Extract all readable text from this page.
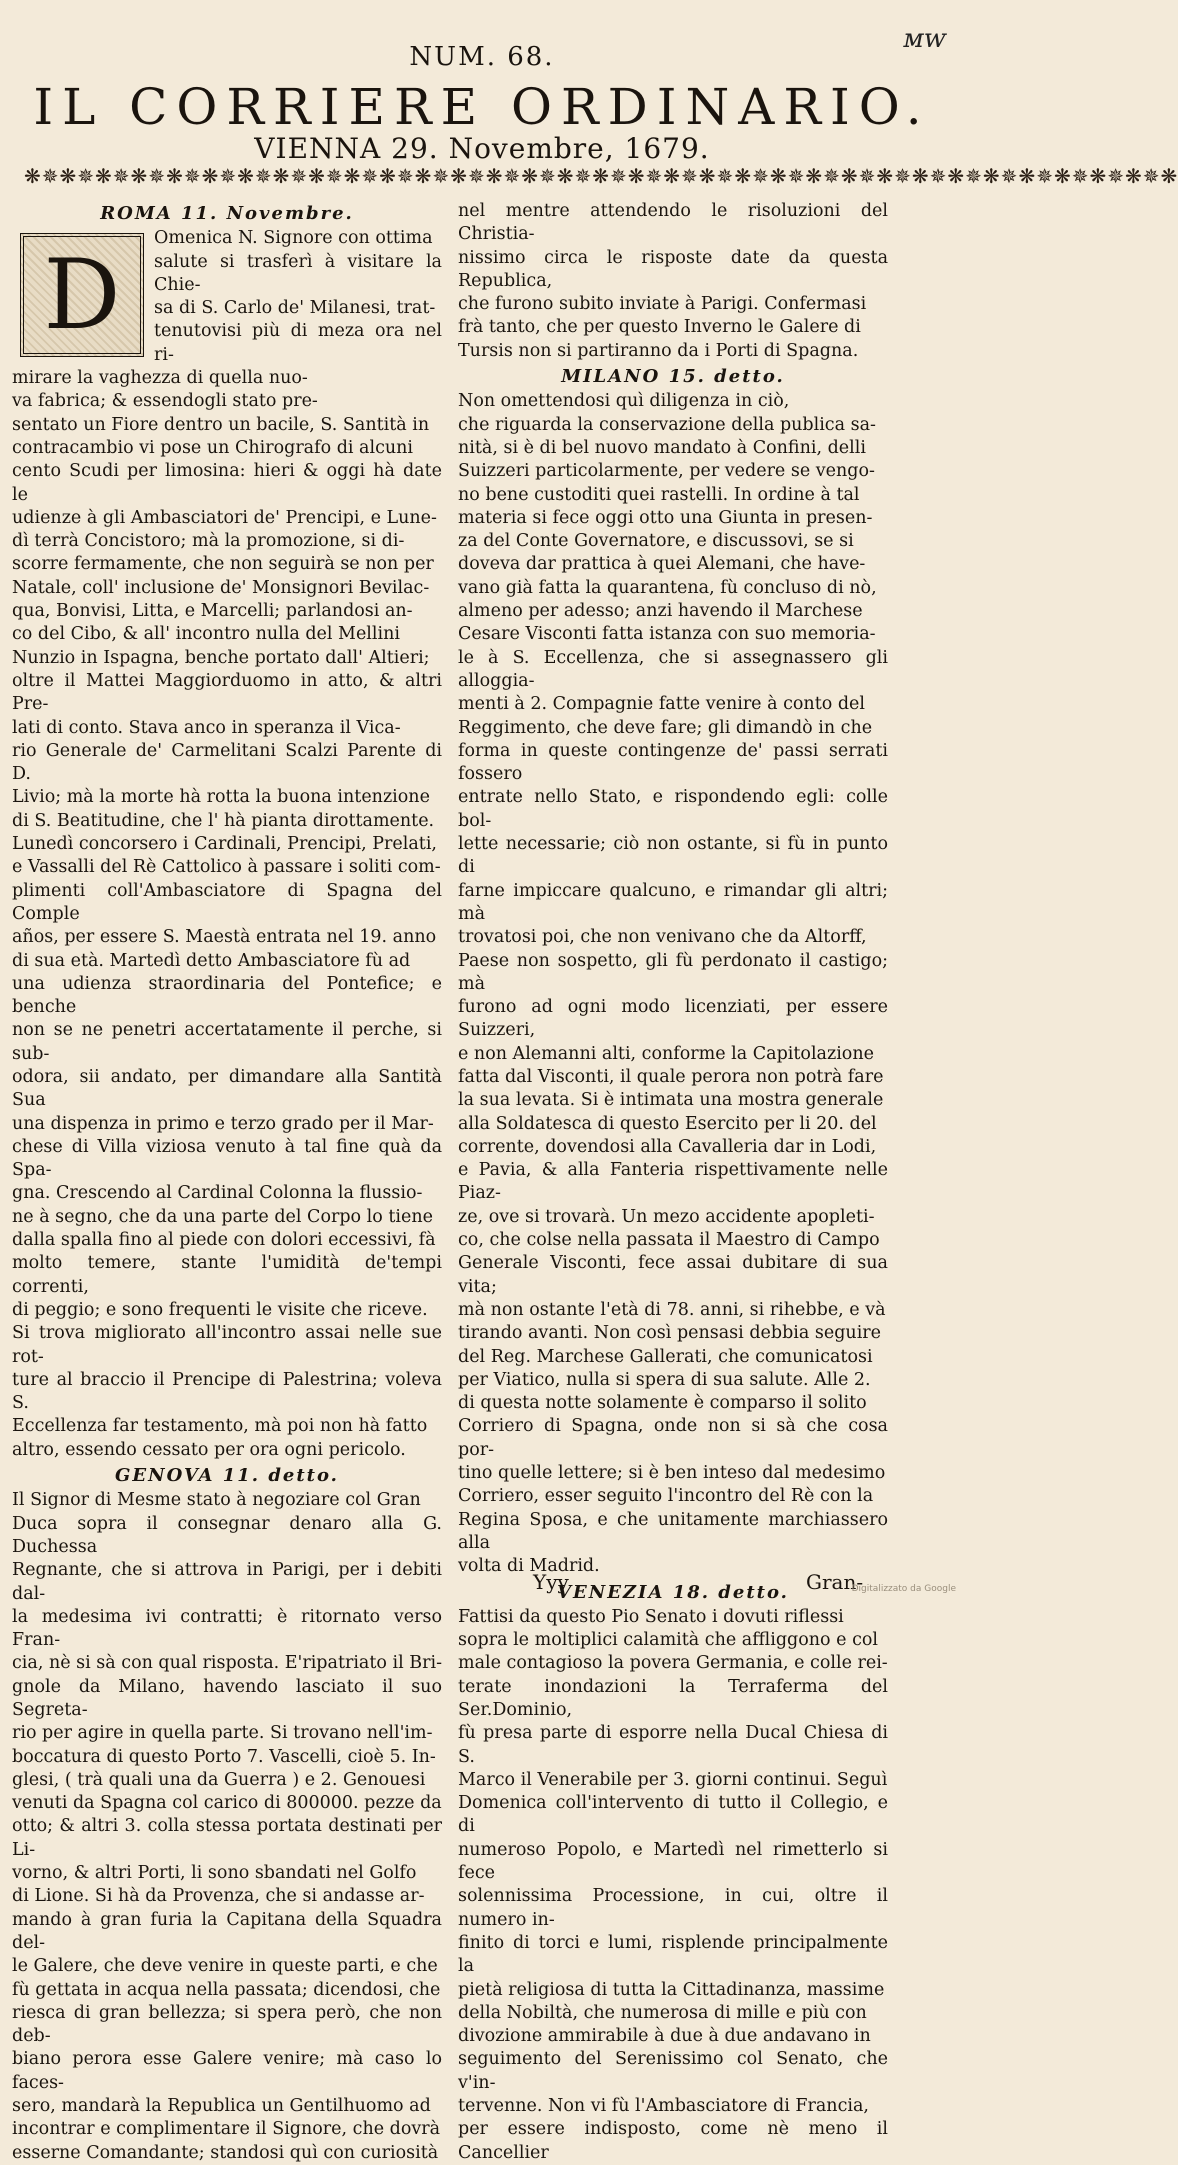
NUM. 68.
ᴍᴡ
IL CORRIERE ORDINARIO.
VIENNA 29. Novembre, 1679.
❋✵❋✵❋✵❋✵❋✵❋✵❋✵❋✵❋✵❋✵❋✵❋✵❋✵❋✵❋✵❋✵❋✵❋✵❋✵❋✵❋✵❋✵❋✵❋✵❋✵❋✵❋✵❋✵❋✵❋✵❋✵❋✵❋

ROMA 11. Novembre.

D

Omenica N. Signore con ottima
salute si trasferì à visitare la Chie-
sa di S. Carlo de' Milanesi, trat-
tenutovisi più di meza ora nel ri-
mirare la vaghezza di quella nuo-
va fabrica; & essendogli stato pre-
sentato un Fiore dentro un bacile, S. Santità in
contracambio vi pose un Chirografo di alcuni
cento Scudi per limosina: hieri & oggi hà date le
udienze à gli Ambasciatori de' Prencipi, e Lune-
dì terrà Concistoro; mà la promozione, si di-
scorre fermamente, che non seguirà se non per
Natale, coll' inclusione de' Monsignori Bevilac-
qua, Bonvisi, Litta, e Marcelli; parlandosi an-
co del Cibo, & all' incontro nulla del Mellini
Nunzio in Ispagna, benche portato dall' Altieri;
oltre il Mattei Maggiorduomo in atto, & altri Pre-
lati di conto. Stava anco in speranza il Vica-
rio Generale de' Carmelitani Scalzi Parente di D.
Livio; mà la morte hà rotta la buona intenzione
di S. Beatitudine, che l' hà pianta dirottamente.
Lunedì concorsero i Cardinali, Prencipi, Prelati,
e Vassalli del Rè Cattolico à passare i soliti com-
plimenti coll'Ambasciatore di Spagna del Comple
años, per essere S. Maestà entrata nel 19. anno
di sua età. Martedì detto Ambasciatore fù ad
una udienza straordinaria del Pontefice; e benche
non se ne penetri accertatamente il perche, si sub-
odora, sii andato, per dimandare alla Santità Sua
una dispenza in primo e terzo grado per il Mar-
chese di Villa viziosa venuto à tal fine quà da Spa-
gna. Crescendo al Cardinal Colonna la flussio-
ne à segno, che da una parte del Corpo lo tiene
dalla spalla fino al piede con dolori eccessivi, fà
molto temere, stante l'umidità de'tempi correnti,
di peggio; e sono frequenti le visite che riceve.
Si trova migliorato all'incontro assai nelle sue rot-
ture al braccio il Prencipe di Palestrina; voleva S.
Eccellenza far testamento, mà poi non hà fatto
altro, essendo cessato per ora ogni pericolo.

GENOVA 11. detto.

Il Signor di Mesme stato à negoziare col Gran
Duca sopra il consegnar denaro alla G. Duchessa
Regnante, che si attrova in Parigi, per i debiti dal-
la medesima ivi contratti; è ritornato verso Fran-
cia, nè si sà con qual risposta. E'ripatriato il Bri-
gnole da Milano, havendo lasciato il suo Segreta-
rio per agire in quella parte. Si trovano nell'im-
boccatura di questo Porto 7. Vascelli, cioè 5. In-
glesi, ( trà quali una da Guerra ) e 2. Genouesi
venuti da Spagna col carico di 800000. pezze da
otto; & altri 3. colla stessa portata destinati per Li-
vorno, & altri Porti, li sono sbandati nel Golfo
di Lione. Si hà da Provenza, che si andasse ar-
mando à gran furia la Capitana della Squadra del-
le Galere, che deve venire in queste parti, e che
fù gettata in acqua nella passata; dicendosi, che
riesca di gran bellezza; si spera però, che non deb-
biano perora esse Galere venire; mà caso lo faces-
sero, mandarà la Republica un Gentilhuomo ad
incontrar e complimentare il Signore, che dovrà
esserne Comandante; standosi quì con curiosità

nel mentre attendendo le risoluzioni del Christia-
nissimo circa le risposte date da questa Republica,
che furono subito inviate à Parigi. Confermasi
frà tanto, che per questo Inverno le Galere di
Tursis non si partiranno da i Porti di Spagna.

MILANO 15. detto.

Non omettendosi quì diligenza in ciò,
che riguarda la conservazione della publica sa-
nità, si è di bel nuovo mandato à Confini, delli
Suizzeri particolarmente, per vedere se vengo-
no bene custoditi quei rastelli. In ordine à tal
materia si fece oggi otto una Giunta in presen-
za del Conte Governatore, e discussovi, se si
doveva dar prattica à quei Alemani, che have-
vano già fatta la quarantena, fù concluso di nò,
almeno per adesso; anzi havendo il Marchese
Cesare Visconti fatta istanza con suo memoria-
le à S. Eccellenza, che si assegnassero gli alloggia-
menti à 2. Compagnie fatte venire à conto del
Reggimento, che deve fare; gli dimandò in che
forma in queste contingenze de' passi serrati fossero
entrate nello Stato, e rispondendo egli: colle bol-
lette necessarie; ciò non ostante, si fù in punto di
farne impiccare qualcuno, e rimandar gli altri; mà
trovatosi poi, che non venivano che da Altorff,
Paese non sospetto, gli fù perdonato il castigo; mà
furono ad ogni modo licenziati, per essere Suizzeri,
e non Alemanni alti, conforme la Capitolazione
fatta dal Visconti, il quale perora non potrà fare
la sua levata. Si è intimata una mostra generale
alla Soldatesca di questo Esercito per li 20. del
corrente, dovendosi alla Cavalleria dar in Lodi,
e Pavia, & alla Fanteria rispettivamente nelle Piaz-
ze, ove si trovarà. Un mezo accidente apopleti-
co, che colse nella passata il Maestro di Campo
Generale Visconti, fece assai dubitare di sua vita;
mà non ostante l'età di 78. anni, si rihebbe, e và
tirando avanti. Non così pensasi debbia seguire
del Reg. Marchese Gallerati, che comunicatosi
per Viatico, nulla si spera di sua salute. Alle 2.
di questa notte solamente è comparso il solito
Corriero di Spagna, onde non si sà che cosa por-
tino quelle lettere; si è ben inteso dal medesimo
Corriero, esser seguito l'incontro del Rè con la
Regina Sposa, e che unitamente marchiassero alla
volta di Madrid.

VENEZIA 18. detto.

Fattisi da questo Pio Senato i dovuti riflessi
sopra le moltiplici calamità che affliggono e col
male contagioso la povera Germania, e colle rei-
terate inondazioni la Terraferma del Ser.Dominio,
fù presa parte di esporre nella Ducal Chiesa di S.
Marco il Venerabile per 3. giorni continui. Seguì
Domenica coll'intervento di tutto il Collegio, e di
numeroso Popolo, e Martedì nel rimetterlo si fece
solennissima Processione, in cui, oltre il numero in-
finito di torci e lumi, risplende principalmente la
pietà religiosa di tutta la Cittadinanza, massime
della Nobiltà, che numerosa di mille e più con
divozione ammirabile à due à due andavano in
seguimento del Serenissimo col Senato, che v'in-
tervenne. Non vi fù l'Ambasciatore di Francia,
per essere indisposto, come nè meno il Cancellier

Yyy	Gran-
Digitalizzato da Google
